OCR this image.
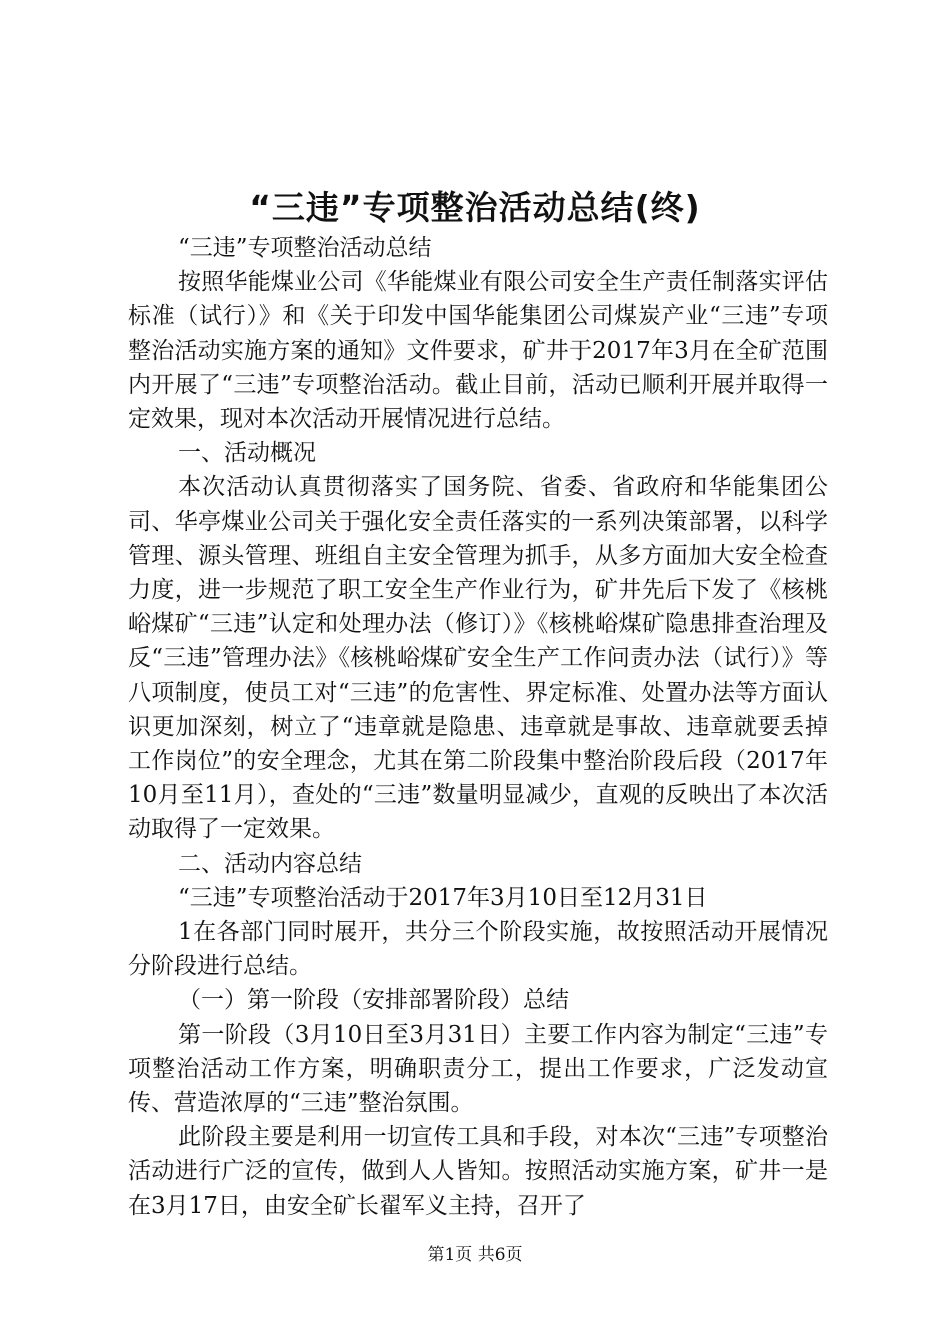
“三违”专项整治活动总结(终)

“三违”专项整治活动总结

按照华能煤业公司《华能煤业有限公司安全生产责任制落实评估标准（试行）》和《关于印发中国华能集团公司煤炭产业“三违”专项整治活动实施方案的通知》文件要求，矿井于2017年3月在全矿范围内开展了“三违”专项整治活动。截止目前，活动已顺利开展并取得一定效果，现对本次活动开展情况进行总结。

一、活动概况

本次活动认真贯彻落实了国务院、省委、省政府和华能集团公司、华亭煤业公司关于强化安全责任落实的一系列决策部署，以科学管理、源头管理、班组自主安全管理为抓手，从多方面加大安全检查力度，进一步规范了职工安全生产作业行为，矿井先后下发了《核桃峪煤矿“三违”认定和处理办法（修订）》《核桃峪煤矿隐患排查治理及反“三违”管理办法》《核桃峪煤矿安全生产工作问责办法（试行）》等八项制度，使员工对“三违”的危害性、界定标准、处置办法等方面认识更加深刻，树立了“违章就是隐患、违章就是事故、违章就要丢掉工作岗位”的安全理念，尤其在第二阶段集中整治阶段后段（2017年10月至11月），查处的“三违”数量明显减少，直观的反映出了本次活动取得了一定效果。

二、活动内容总结

“三违”专项整治活动于2017年3月10日至12月31日

1在各部门同时展开，共分三个阶段实施，故按照活动开展情况分阶段进行总结。

（一）第一阶段（安排部署阶段）总结

第一阶段（3月10日至3月31日）主要工作内容为制定“三违”专项整治活动工作方案，明确职责分工，提出工作要求，广泛发动宣传、营造浓厚的“三违”整治氛围。

此阶段主要是利用一切宣传工具和手段，对本次“三违”专项整治活动进行广泛的宣传，做到人人皆知。按照活动实施方案，矿井一是在3月17日，由安全矿长翟军义主持，召开了

第1页 共6页
